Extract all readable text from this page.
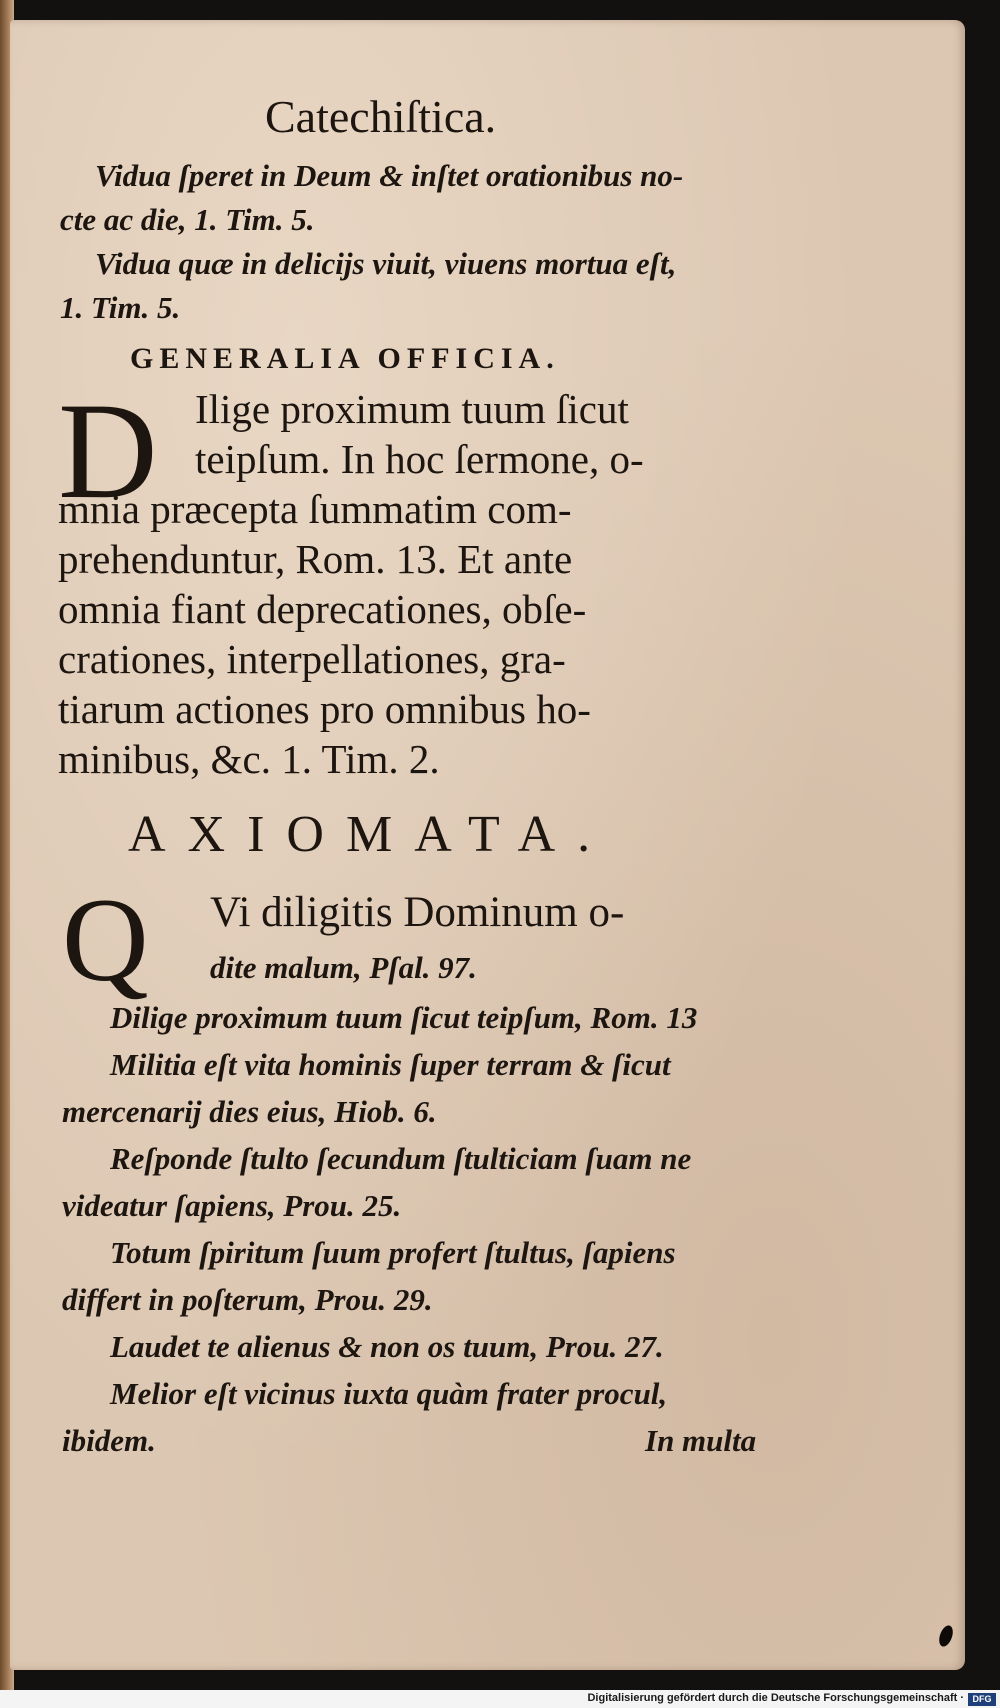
Catechiſtica.
Vidua ſperet in Deum & inſtet orationibus no-
cte ac die, 1. Tim. 5.
Vidua quæ in delicijs viuit, viuens mortua eſt,
1. Tim. 5.
GENERALIA OFFICIA.
D Ilige proximum tuum ſicut
teipſum. In hoc ſermone, o-
mnia præcepta ſummatim com-
prehenduntur, Rom. 13. Et ante
omnia fiant deprecationes, obſe-
crationes, interpellationes, gra-
tiarum actiones pro omnibus ho-
minibus, &c. 1. Tim. 2.
AXIOMATA.
Q Vi diligitis Dominum o-
dite malum, Pſal. 97.
Dilige proximum tuum ſicut teipſum, Rom. 13
Militia eſt vita hominis ſuper terram & ſicut
mercenarij dies eius, Hiob. 6.
Reſponde ſtulto ſecundum ſtulticiam ſuam ne
videatur ſapiens, Prou. 25.
Totum ſpiritum ſuum profert ſtultus, ſapiens
differt in poſterum, Prou. 29.
Laudet te alienus & non os tuum, Prou. 27.
Melior eſt vicinus iuxta quàm frater procul,
ibidem.	In multa
Digitalisierung gefördert durch die Deutsche Forschungsgemeinschaft · DFG
